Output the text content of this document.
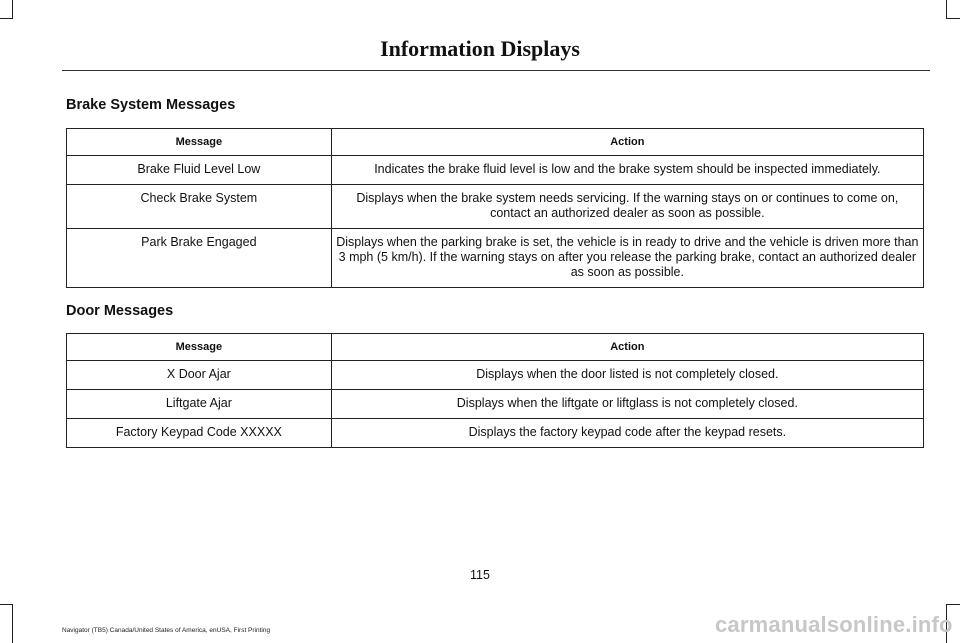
Information Displays
Brake System Messages
Message	Action
Brake Fluid Level Low	Indicates the brake fluid level is low and the brake system should be inspected immediately.
Check Brake System	Displays when the brake system needs servicing. If the warning stays on or continues to come on, contact an authorized dealer as soon as possible.
Park Brake Engaged	Displays when the parking brake is set, the vehicle is in ready to drive and the vehicle is driven more than 3 mph (5 km/h). If the warning stays on after you release the parking brake, contact an authorized dealer as soon as possible.
Door Messages
Message	Action
X Door Ajar	Displays when the door listed is not completely closed.
Liftgate Ajar	Displays when the liftgate or liftglass is not completely closed.
Factory Keypad Code XXXXX	Displays the factory keypad code after the keypad resets.
115
Navigator (TB5) Canada/United States of America, enUSA, First Printing	carmanualsonline.info
